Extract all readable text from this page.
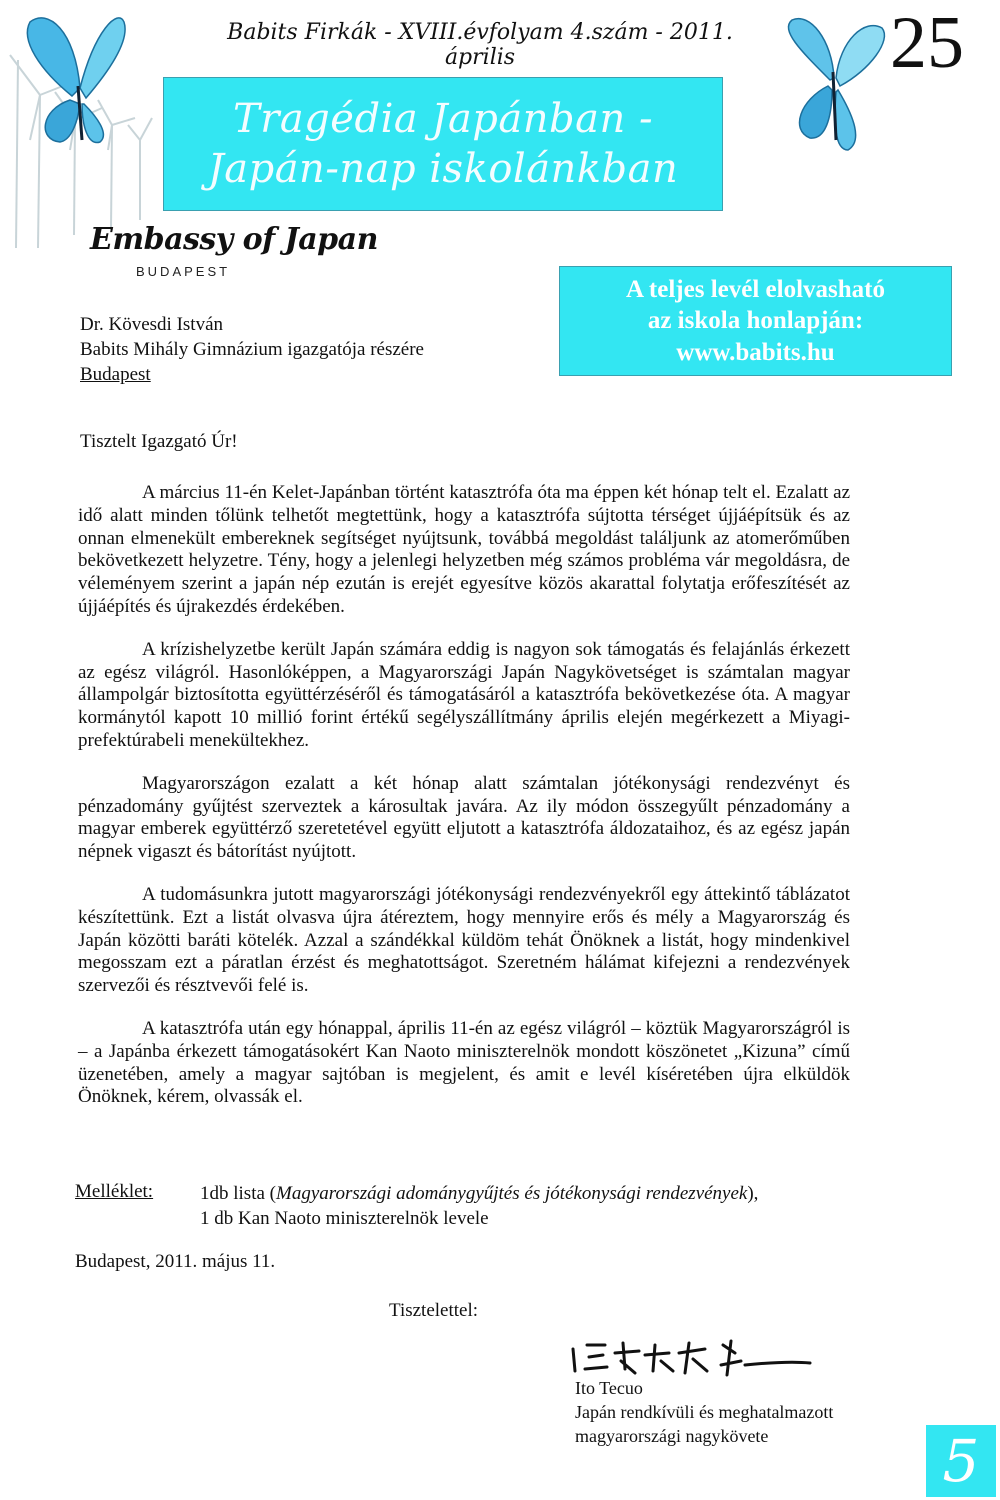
Babits Firkák - XVIII.évfolyam 4.szám - 2011. április	25
Tragédia Japánban -
Japán-nap iskolánkban
Embassy of Japan
BUDAPEST
A teljes levél elolvasható
az iskola honlapján:
www.babits.hu
Dr. Kövesdi István
Babits Mihály Gimnázium igazgatója részére
Budapest
Tisztelt Igazgató Úr!

A március 11-én Kelet-Japánban történt katasztrófa óta ma éppen két hónap telt el. Ezalatt az idő alatt minden tőlünk telhetőt megtettünk, hogy a katasztrófa sújtotta térséget újjáépítsük és az onnan elmenekült embereknek segítséget nyújtsunk, továbbá megoldást találjunk az atomerőműben bekövetkezett helyzetre. Tény, hogy a jelenlegi helyzetben még számos probléma vár megoldásra, de véleményem szerint a japán nép ezután is erejét egyesítve közös akarattal folytatja erőfeszítését az újjáépítés és újrakezdés érdekében.

A krízishelyzetbe került Japán számára eddig is nagyon sok támogatás és felajánlás érkezett az egész világról. Hasonlóképpen, a Magyarországi Japán Nagykövetséget is számtalan magyar állampolgár biztosította együttérzéséről és támogatásáról a katasztrófa bekövetkezése óta. A magyar kormánytól kapott 10 millió forint értékű segélyszállítmány április elején megérkezett a Miyagi-prefektúrabeli menekültekhez.

Magyarországon ezalatt a két hónap alatt számtalan jótékonysági rendezvényt és pénzadomány gyűjtést szerveztek a károsultak javára. Az ily módon összegyűlt pénzadomány a magyar emberek együttérző szeretetével együtt eljutott a katasztrófa áldozataihoz, és az egész japán népnek vigaszt és bátorítást nyújtott.

A tudomásunkra jutott magyarországi jótékonysági rendezvényekről egy áttekintő táblázatot készítettünk. Ezt a listát olvasva újra átéreztem, hogy mennyire erős és mély a Magyarország és Japán közötti baráti kötelék. Azzal a szándékkal küldöm tehát Önöknek a listát, hogy mindenkivel megosszam ezt a páratlan érzést és meghatottságot. Szeretném hálámat kifejezni a rendezvények szervezői és résztvevői felé is.

A katasztrófa után egy hónappal, április 11-én az egész világról – köztük Magyarországról is – a Japánba érkezett támogatásokért Kan Naoto miniszterelnök mondott köszönetet „Kizuna” című üzenetében, amely a magyar sajtóban is megjelent, és amit e levél kíséretében újra elküldök Önöknek, kérem, olvassák el.

Melléklet: 1db lista (Magyarországi adománygyűjtés és jótékonysági rendezvények),
1 db Kan Naoto miniszterelnök levele
Budapest, 2011. május 11.
Tisztelettel:
Ito Tecuo
Japán rendkívüli és meghatalmazott
magyarországi nagykövete	5
